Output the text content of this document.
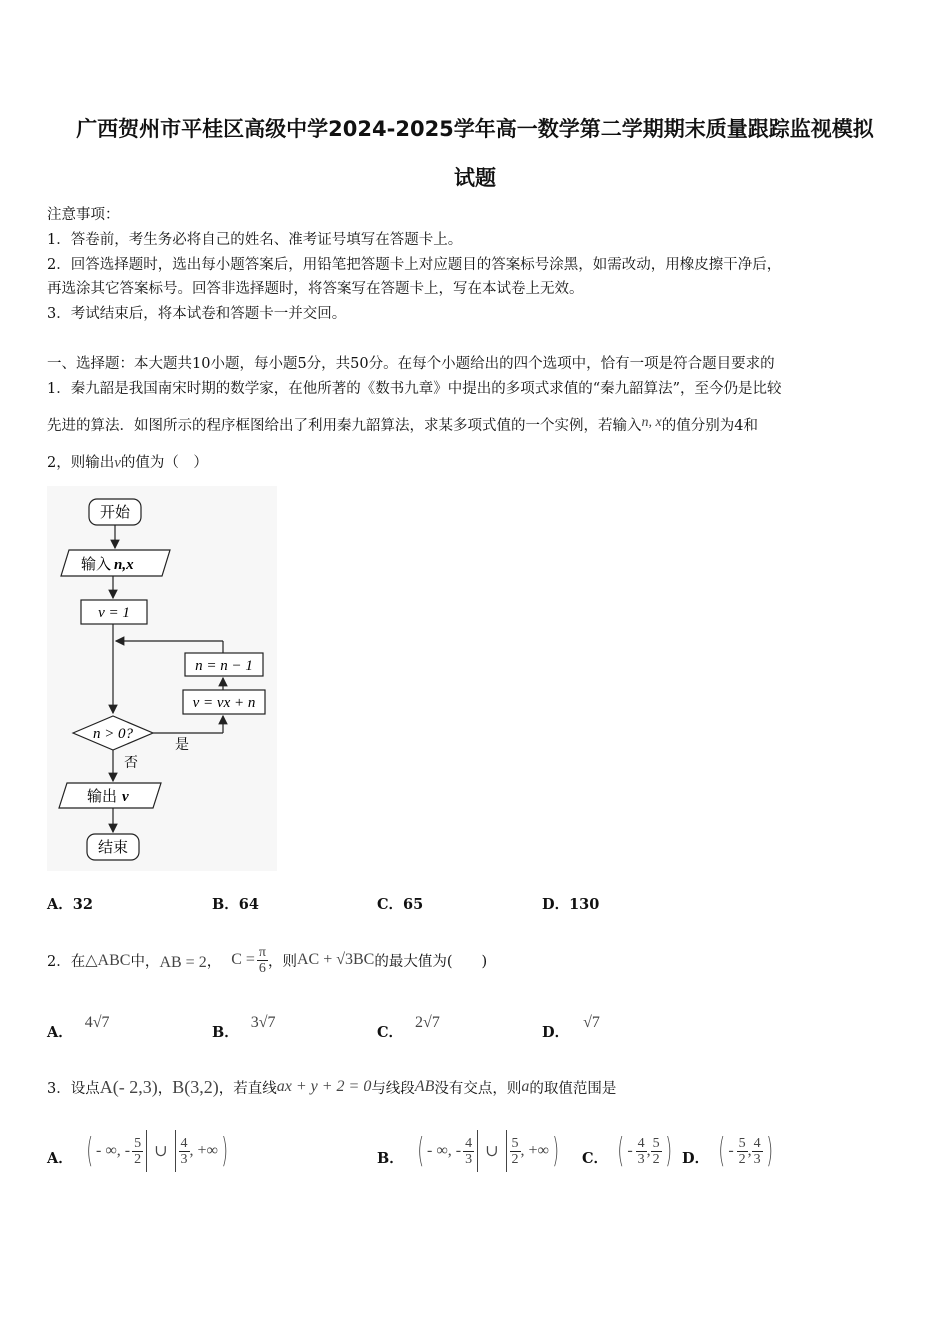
广西贺州市平桂区高级中学2024-2025学年高一数学第二学期期末质量跟踪监视模拟
试题
注意事项：
1．答卷前，考生务必将自己的姓名、准考证号填写在答题卡上。
2．回答选择题时，选出每小题答案后，用铅笔把答题卡上对应题目的答案标号涂黑，如需改动，用橡皮擦干净后，
再选涂其它答案标号。回答非选择题时，将答案写在答题卡上，写在本试卷上无效。
3．考试结束后，将本试卷和答题卡一并交回。
一、选择题：本大题共10小题，每小题5分，共50分。在每个小题给出的四个选项中，恰有一项是符合题目要求的
1．秦九韶是我国南宋时期的数学家，在他所著的《数书九章》中提出的多项式求值的“秦九韶算法”，至今仍是比较
先进的算法．如图所示的程序框图给出了利用秦九韶算法，求某多项式值的一个实例，若输入n, x的值分别为4和
2，则输出v的值为（　）
开始
输入 n,x
v = 1
n = n − 1
v = vx + n
n > 0?
是
否
输出 v
结束
A．32	B．64	C．65	D．130
2．在 △ABC 中， AB = 2 ， $C = \frac{\pi}{6}$ ，则 AC + √3BC 的最大值为(　　)
A．
4√7
B．
3√7
C．
2√7
D．
√7
3．设点 A(- 2,3) ， B(3,2) ，若直线 ax + y + 2 = 0 与线段 AB 没有交点，则 a 的取值范围是
A． ( - ∞, - $\frac{5}{2}$ ∪ $\frac{4}{3}$ , +∞ )	B． ( - ∞, - $\frac{4}{3}$ ∪ $\frac{5}{2}$ , +∞ ) C． ( - $\frac{4}{3}$ , $\frac{5}{2}$ ) D． ( - $\frac{5}{2}$ , $\frac{4}{3}$ )
